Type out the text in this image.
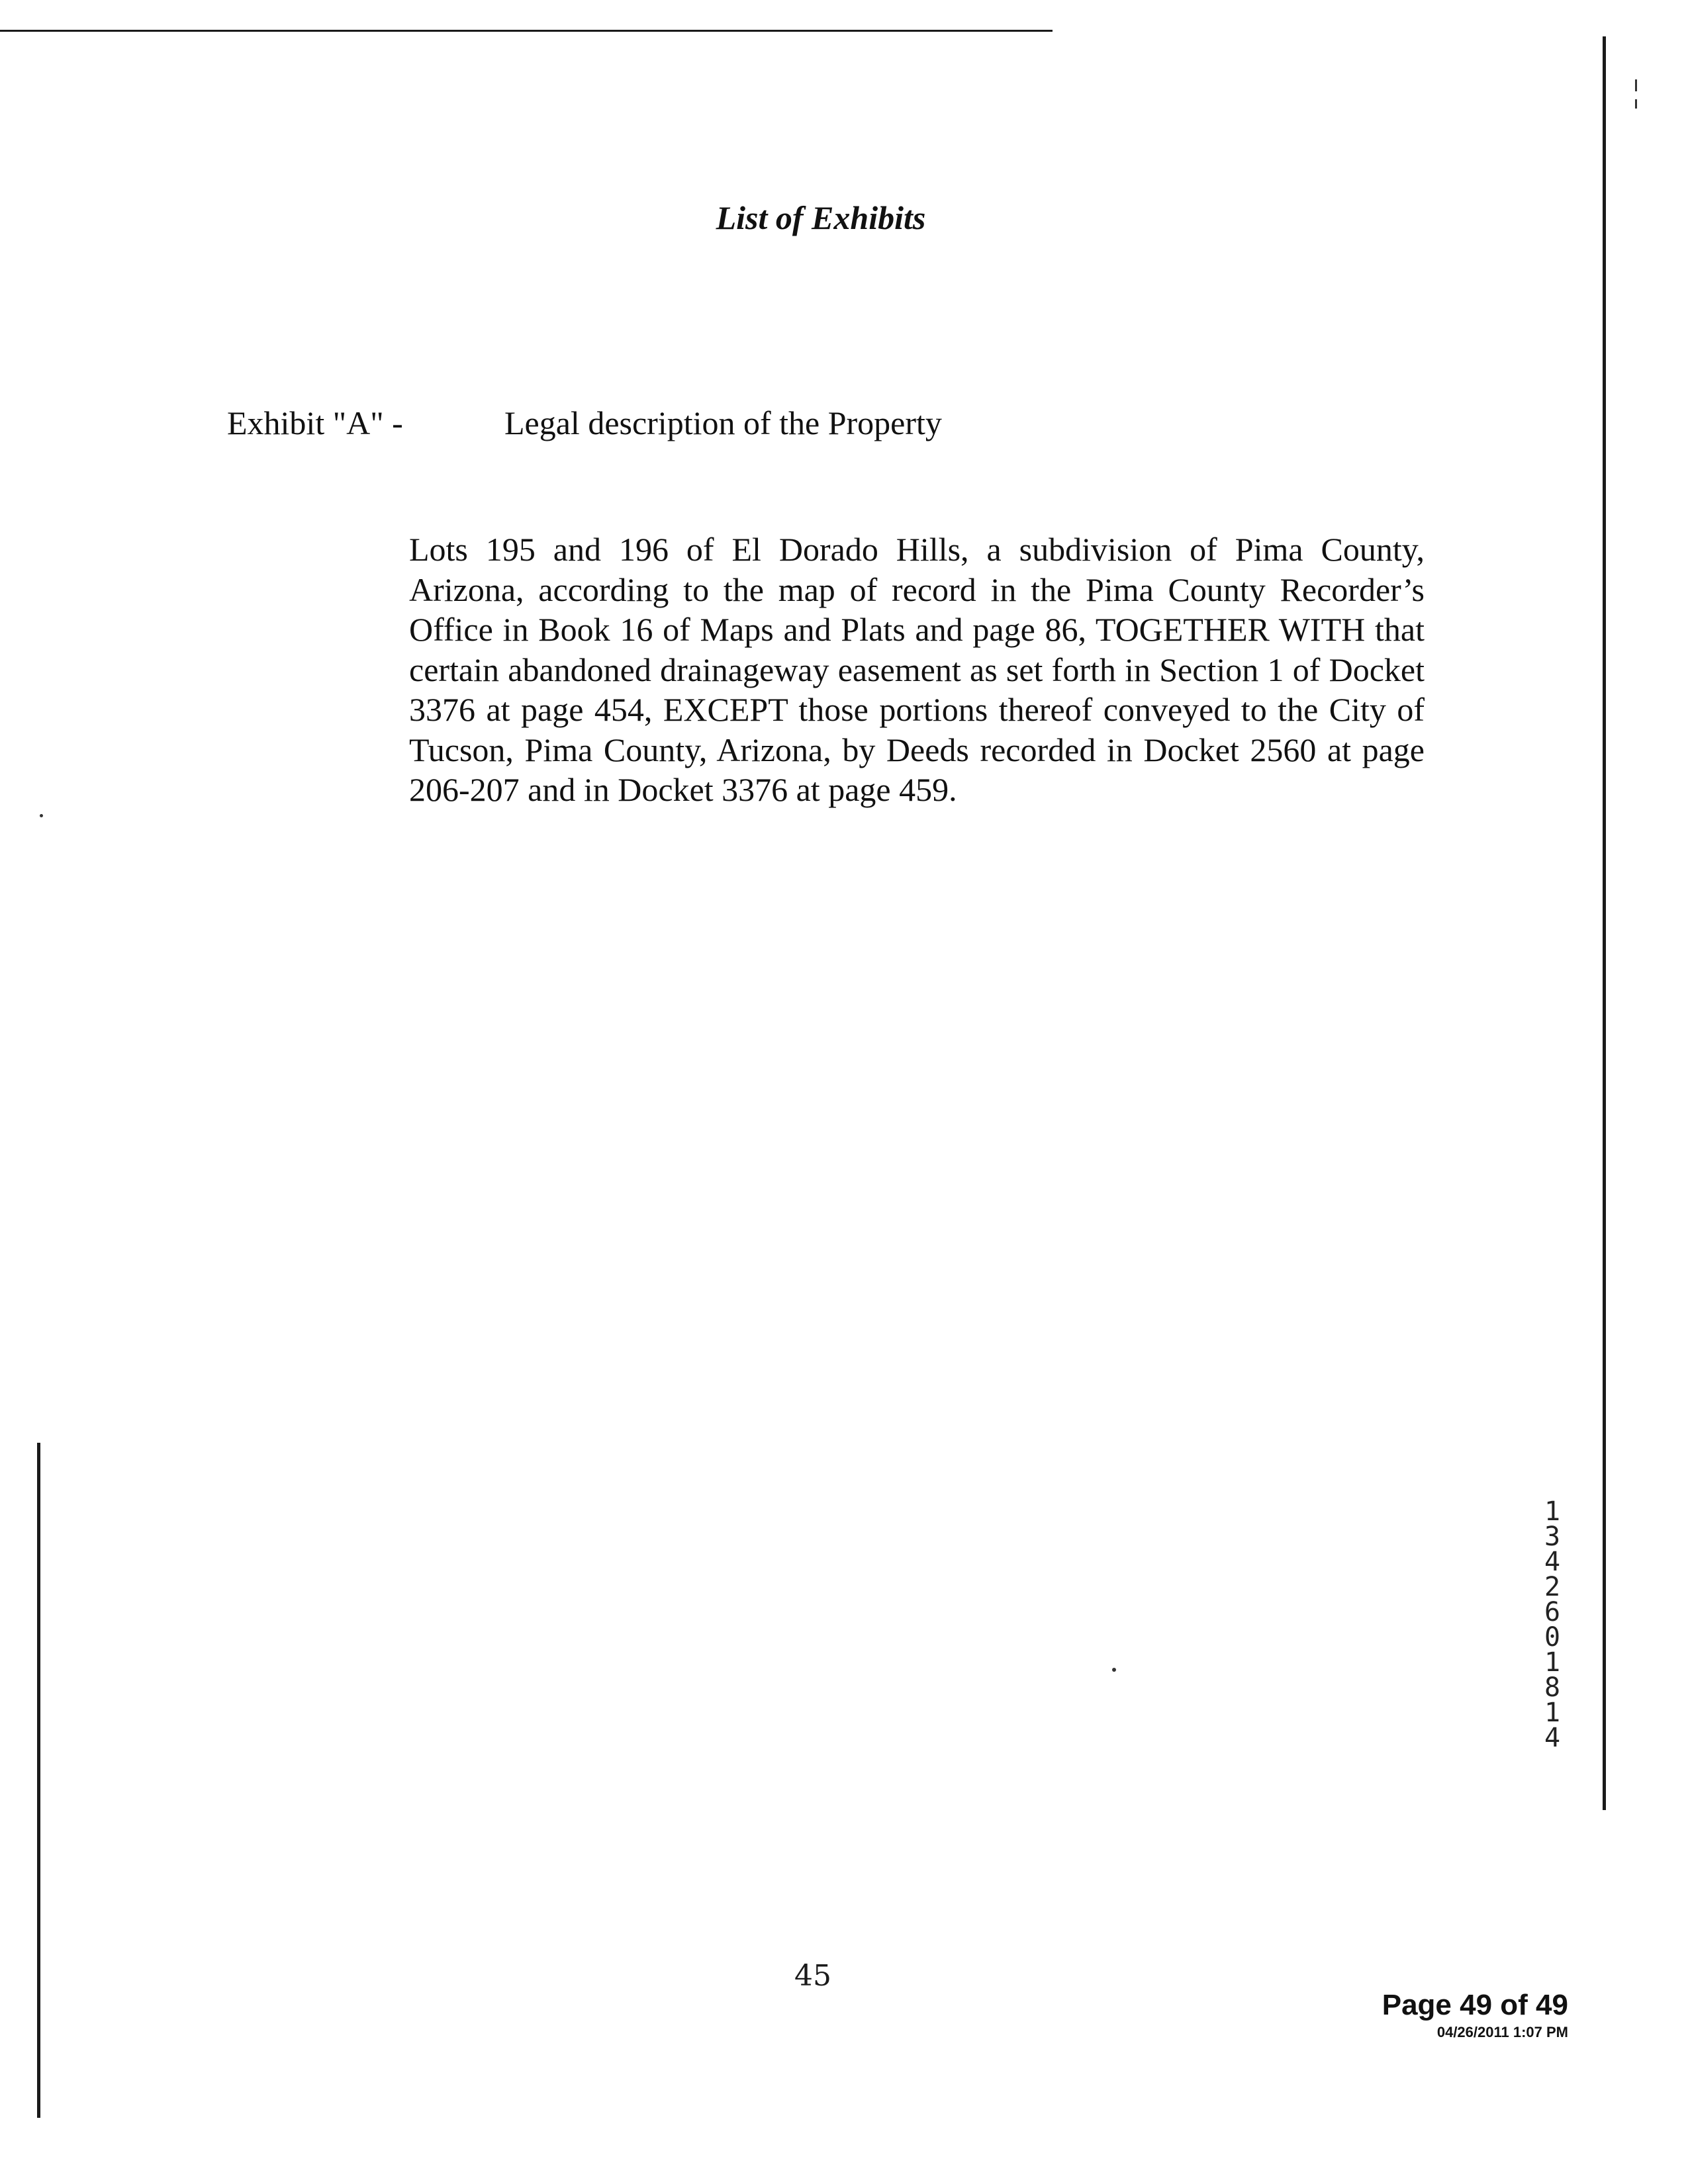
List of Exhibits
Exhibit "A" -	Legal description of the Property
Lots 195 and 196 of El Dorado Hills, a subdivision of Pima County, Arizona, according to the map of record in the Pima County Recorder’s Office in Book 16 of Maps and Plats and page 86, TOGETHER WITH that certain abandoned drainageway easement as set forth in Section 1 of Docket 3376 at page 454, EXCEPT those portions thereof conveyed to the City of Tucson, Pima County, Arizona, by Deeds recorded in Docket 2560 at page 206-207 and in Docket 3376 at page 459.
13426 01814
45
Page 49 of 49
04/26/2011 1:07 PM
